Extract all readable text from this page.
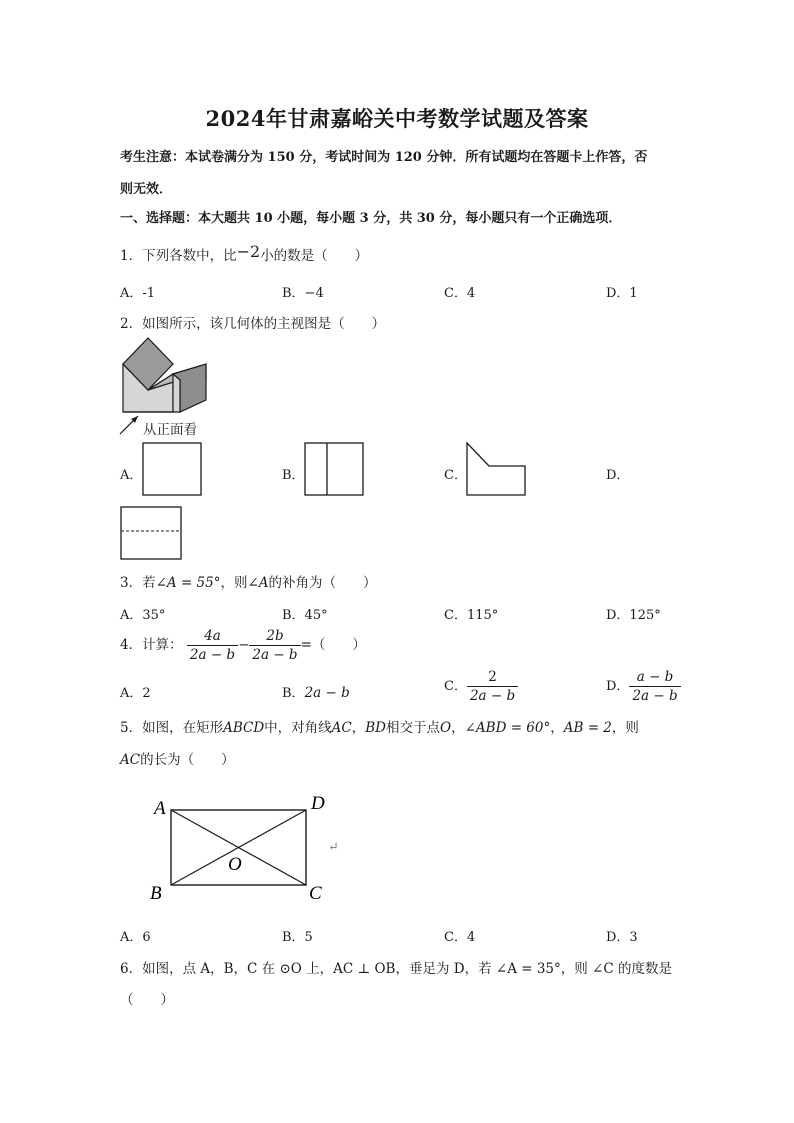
2024年甘肃嘉峪关中考数学试题及答案
考生注意：本试卷满分为 150 分，考试时间为 120 分钟．所有试题均在答题卡上作答，否
则无效．
一、选择题：本大题共 10 小题，每小题 3 分，共 30 分，每小题只有一个正确选项．
1．下列各数中，比−2小的数是（　　）
A．-1	B．−4	C．4	D．1
2．如图所示，该几何体的主视图是（　　）
从正面看
A．	B．	C．	D．
3．若∠A = 55°，则∠A的补角为（　　）
A．35°	B．45°	C．115°	D．125°
4．计算： $\frac{4a}{2a - b} - \frac{2b}{2a - b}$ =（　　）
A．2	B．2a − b	C． $\frac{2}{2a - b}$	D． $\frac{a - b}{2a - b}$
5．如图，在矩形ABCD中，对角线AC，BD相交于点O，∠ABD = 60°，AB = 2，则
AC的长为（　　）
A	D
B	C
O
↵
A．6	B．5	C．4	D．3
6．如图，点 A，B，C 在 ⊙O 上，AC ⊥ OB，垂足为 D，若 ∠A = 35°，则 ∠C 的度数是
（　　）
